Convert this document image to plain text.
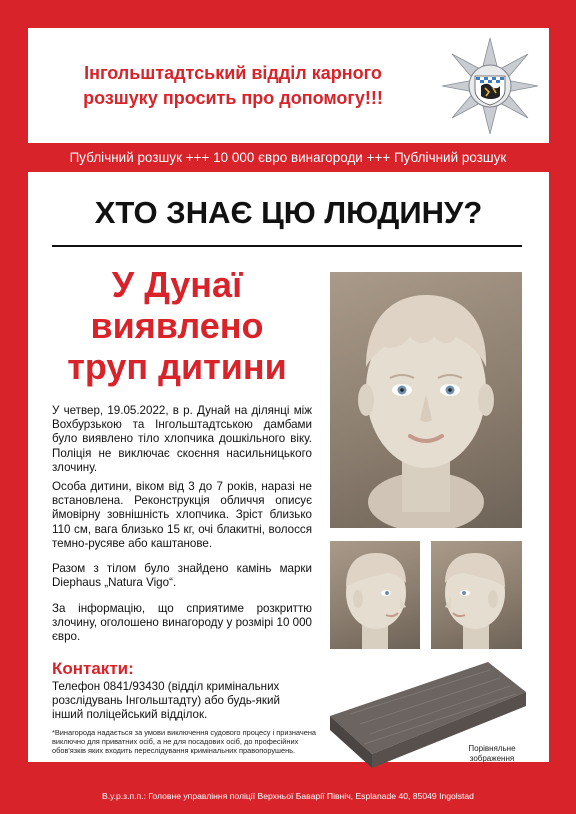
Інгольштадтський відділ карного
розшуку просить про допомогу!!!

Публічний розшук +++ 10 000 євро винагороди +++ Публічний розшук
ХТО ЗНАЄ ЦЮ ЛЮДИНУ?
У Дунаї
виявлено
труп дитини

У четвер, 19.05.2022, в р. Дунай на ділянці між Вохбурзькою та Інгольштадтською дамбами було виявлено тіло хлопчика дошкільного віку. Поліція не виключає скоєння насильницького злочину.

Особа дитини, віком від 3 до 7 років, наразі не встановлена. Реконструкція обличчя описує ймовірну зовнішність хлопчика. Зріст близько 110 см, вага близько 15 кг, очі блакитні, волосся темно-русяве або каштанове.

Разом з тілом було знайдено камінь марки Diephaus „Natura Vigo“.

За інформацію, що сприятиме розкриттю злочину, оголошено винагороду у розмірі 10 000 євро.

Контакти:

Телефон 0841/93430 (відділ кримінальних розслідувань Інгольштадту) або будь-який інший поліцейський відділок.

*Винагорода надається за умови виключення судового процесу і призначена виключно для приватних осіб, а не для посадових осіб, до професійних обов'язків яких входить переслідування кримінальних правопорушень.	Порівняльне
зображення

В.у.р.з.п.п.: Головне управління поліції Верхньої Баварії Північ, Esplanade 40, 85049 Ingolstad
